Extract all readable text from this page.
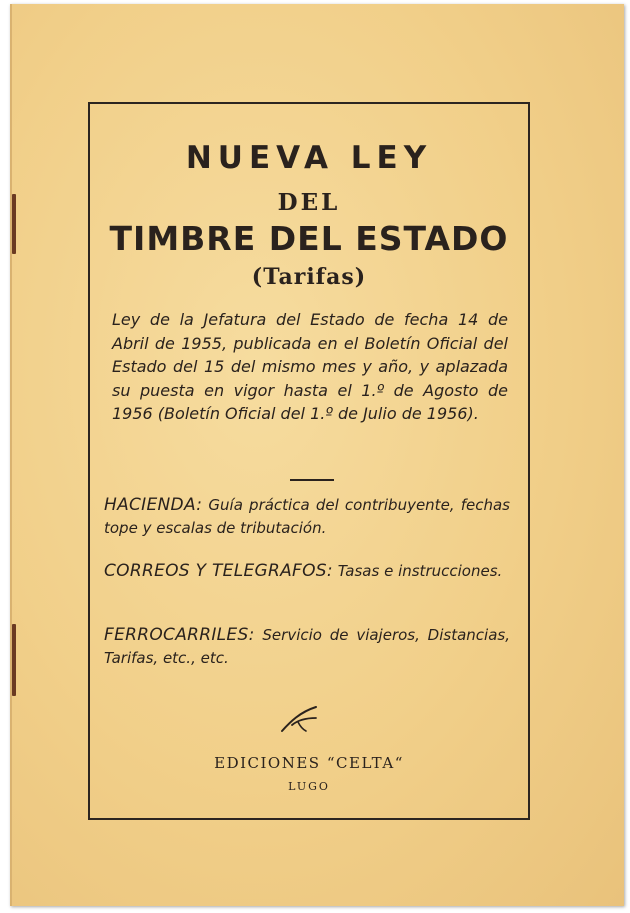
NUEVA LEY
DEL
TIMBRE DEL ESTADO
(Tarifas)
Ley de la Jefatura del Estado de fecha 14 de Abril de 1955, publicada en el Boletín Oficial del Estado del 15 del mismo mes y año, y aplazada su puesta en vigor hasta el 1.º de Agosto de 1956 (Boletín Oficial del 1.º de Julio de 1956).
HACIENDA: Guía práctica del contribuyente, fechas tope y escalas de tributación.
CORREOS Y TELEGRAFOS: Tasas e instrucciones.
FERROCARRILES: Servicio de viajeros, Distancias, Tarifas, etc., etc.
EDICIONES “CELTA“
LUGO
